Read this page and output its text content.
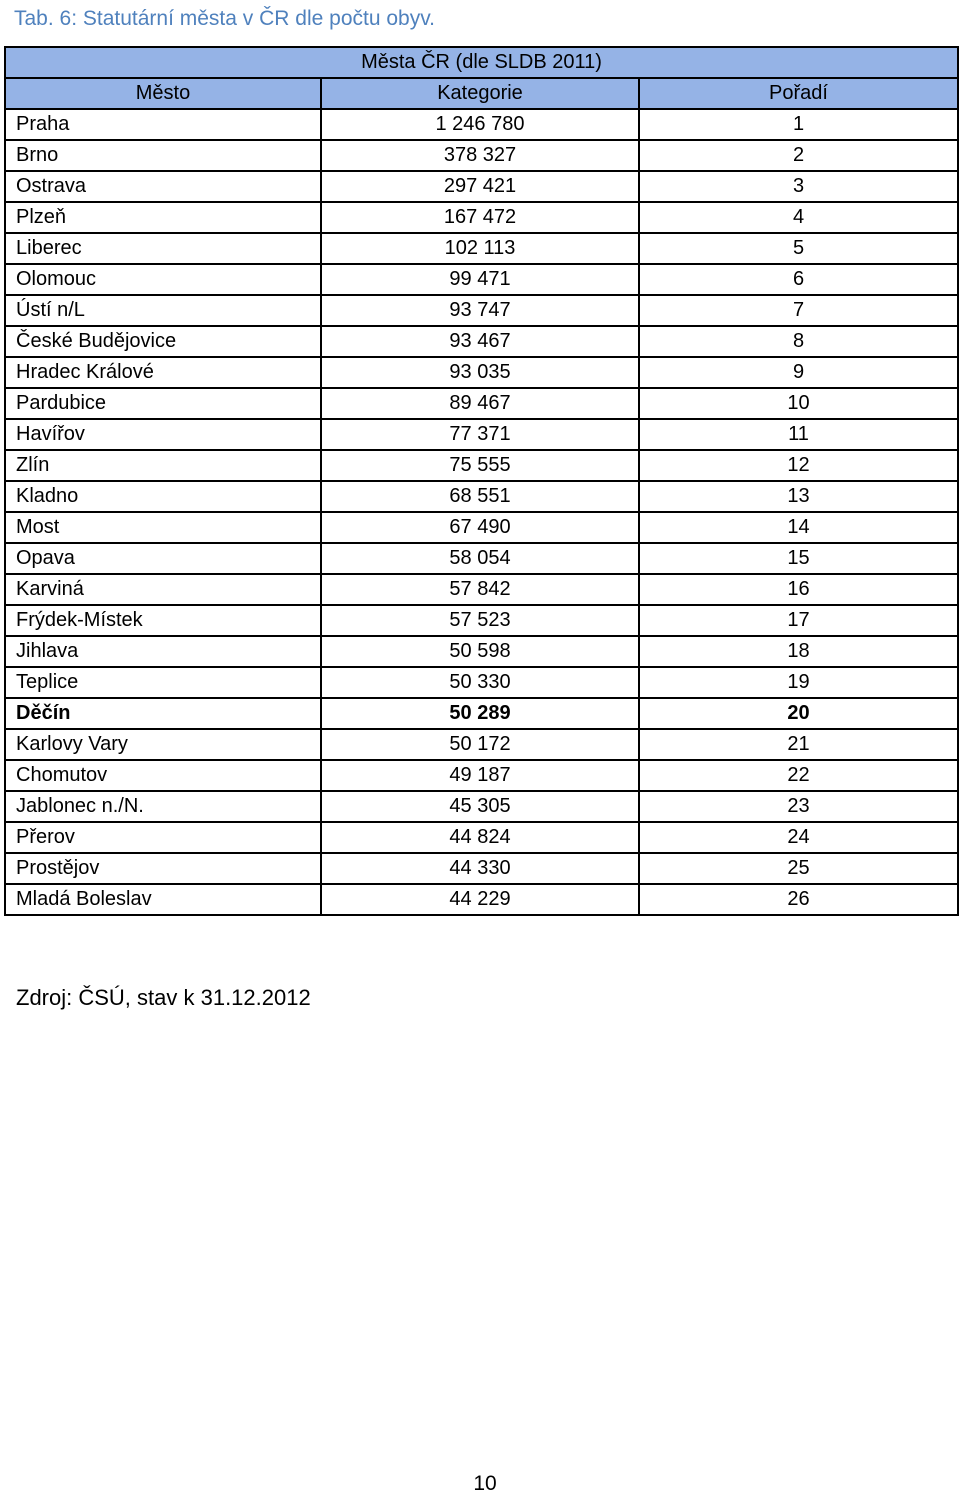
Tab. 6: Statutární města v ČR dle počtu obyv.
Města ČR (dle SLDB 2011)		
Město	Kategorie	Pořadí
Praha	1 246 780	1
Brno	378 327	2
Ostrava	297 421	3
Plzeň	167 472	4
Liberec	102 113	5
Olomouc	99 471	6
Ústí n/L	93 747	7
České Budějovice	93 467	8
Hradec Králové	93 035	9
Pardubice	89 467	10
Havířov	77 371	11
Zlín	75 555	12
Kladno	68 551	13
Most	67 490	14
Opava	58 054	15
Karviná	57 842	16
Frýdek-Místek	57 523	17
Jihlava	50 598	18
Teplice	50 330	19
Děčín	50 289	20
Karlovy Vary	50 172	21
Chomutov	49 187	22
Jablonec n./N.	45 305	23
Přerov	44 824	24
Prostějov	44 330	25
Mladá Boleslav	44 229	26
Zdroj: ČSÚ, stav k 31.12.2012
10
